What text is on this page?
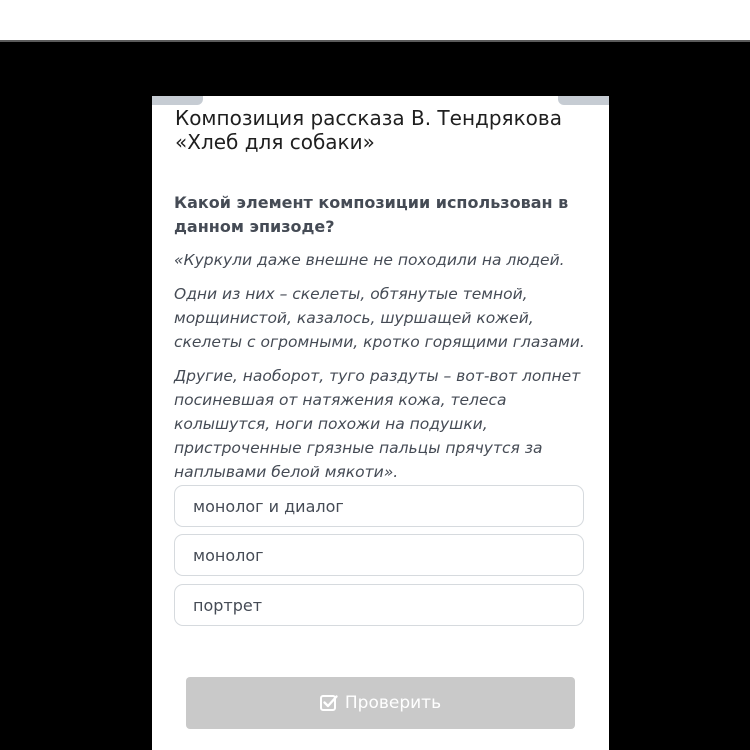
Композиция рассказа В. Тендрякова «Хлеб для собаки»
Какой элемент композиции использован в данном эпизоде?

«Куркули даже внешне не походили на людей.

Одни из них – скелеты, обтянутые темной, морщинистой, казалось, шуршащей кожей, скелеты с огромными, кротко горящими глазами.

Другие, наоборот, туго раздуты – вот-вот лопнет посиневшая от натяжения кожа, телеса колышутся, ноги похожи на подушки, пристроченные грязные пальцы прячутся за наплывами белой мякоти».

монолог и диалог
монолог
портрет
Проверить
